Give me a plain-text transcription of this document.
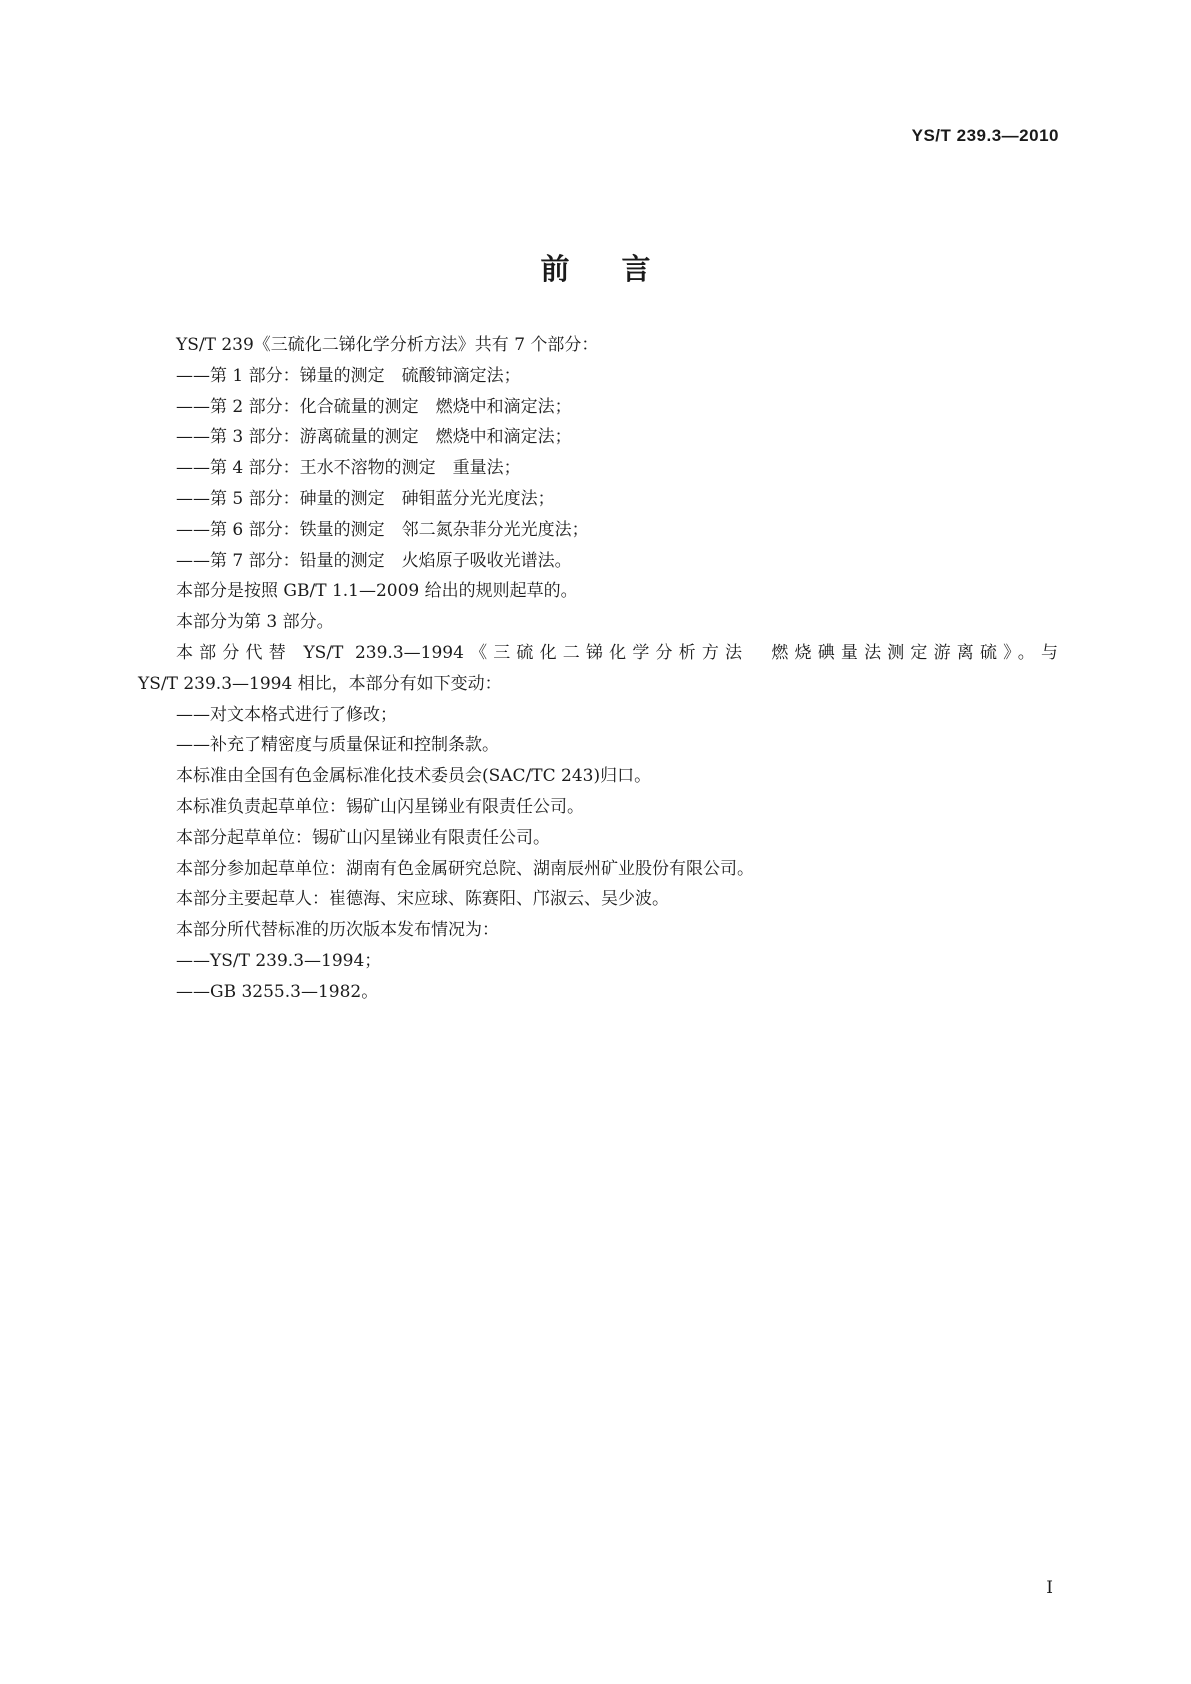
YS/T 239.3—2010
前言

YS/T 239《三硫化二锑化学分析方法》共有 7 个部分：

——第 1 部分：锑量的测定　硫酸铈滴定法；

——第 2 部分：化合硫量的测定　燃烧中和滴定法；

——第 3 部分：游离硫量的测定　燃烧中和滴定法；

——第 4 部分：王水不溶物的测定　重量法；

——第 5 部分：砷量的测定　砷钼蓝分光光度法；

——第 6 部分：铁量的测定　邻二氮杂菲分光光度法；

——第 7 部分：铅量的测定　火焰原子吸收光谱法。

本部分是按照 GB/T 1.1—2009 给出的规则起草的。

本部分为第 3 部分。

本部分代替 YS/T 239.3—1994《三硫化二锑化学分析方法　燃烧碘量法测定游离硫》。与

YS/T 239.3—1994 相比，本部分有如下变动：

——对文本格式进行了修改；

——补充了精密度与质量保证和控制条款。

本标准由全国有色金属标准化技术委员会(SAC/TC 243)归口。

本标准负责起草单位：锡矿山闪星锑业有限责任公司。

本部分起草单位：锡矿山闪星锑业有限责任公司。

本部分参加起草单位：湖南有色金属研究总院、湖南辰州矿业股份有限公司。

本部分主要起草人：崔德海、宋应球、陈赛阳、邝淑云、吴少波。

本部分所代替标准的历次版本发布情况为：

——YS/T 239.3—1994；

——GB 3255.3—1982。

I
